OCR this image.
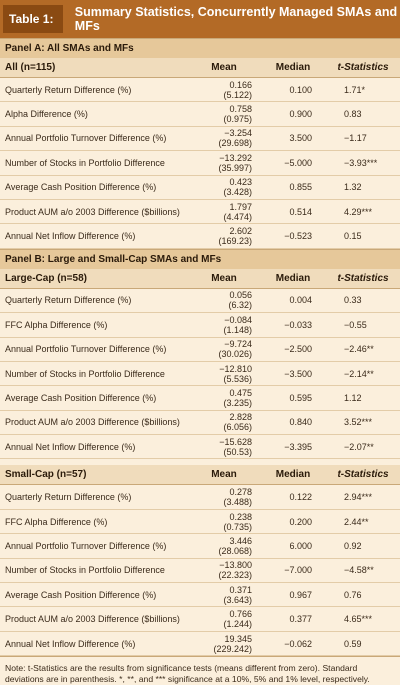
Table 1:	Summary Statistics, Concurrently Managed SMAs and MFs
Panel A: All SMAs and MFs
All (n=115)	Mean	Median	t-Statistics
Quarterly Return Difference (%)	0.166
(5.122)	0.100	1.71*
Alpha Difference (%)	0.758
(0.975)	0.900	0.83
Annual Portfolio Turnover Difference (%)	−3.254
(29.698)	3.500	−1.17
Number of Stocks in Portfolio Difference	−13.292
(35.997)	−5.000	−3.93***
Average Cash Position Difference (%)	0.423
(3.428)	0.855	1.32
Product AUM a/o 2003 Difference ($billions)	1.797
(4.474)	0.514	4.29***
Annual Net Inflow Difference (%)	2.602
(169.23)	−0.523	0.15
Panel B: Large and Small-Cap SMAs and MFs
Large-Cap (n=58)	Mean	Median	t-Statistics
Quarterly Return Difference (%)	0.056
(6.32)	0.004	0.33
FFC Alpha Difference (%)	−0.084
(1.148)	−0.033	−0.55
Annual Portfolio Turnover Difference (%)	−9.724
(30.026)	−2.500	−2.46**
Number of Stocks in Portfolio Difference	−12.810
(5.536)	−3.500	−2.14**
Average Cash Position Difference (%)	0.475
(3.235)	0.595	1.12
Product AUM a/o 2003 Difference ($billions)	2.828
(6.056)	0.840	3.52***
Annual Net Inflow Difference (%)	−15.628
(50.53)	−3.395	−2.07**
Small-Cap (n=57)	Mean	Median	t-Statistics
Quarterly Return Difference (%)	0.278
(3.488)	0.122	2.94***
FFC Alpha Difference (%)	0.238
(0.735)	0.200	2.44**
Annual Portfolio Turnover Difference (%)	3.446
(28.068)	6.000	0.92
Number of Stocks in Portfolio Difference	−13.800
(22.323)	−7.000	−4.58**
Average Cash Position Difference (%)	0.371
(3.643)	0.967	0.76
Product AUM a/o 2003 Difference ($billions)	0.766
(1.244)	0.377	4.65***
Annual Net Inflow Difference (%)	19.345
(229.242)	−0.062	0.59
Note: t-Statistics are the results from significance tests (means different from zero). Standard deviations are in parenthesis. *, **, and *** significance at a 10%, 5% and 1% level, respectively.
